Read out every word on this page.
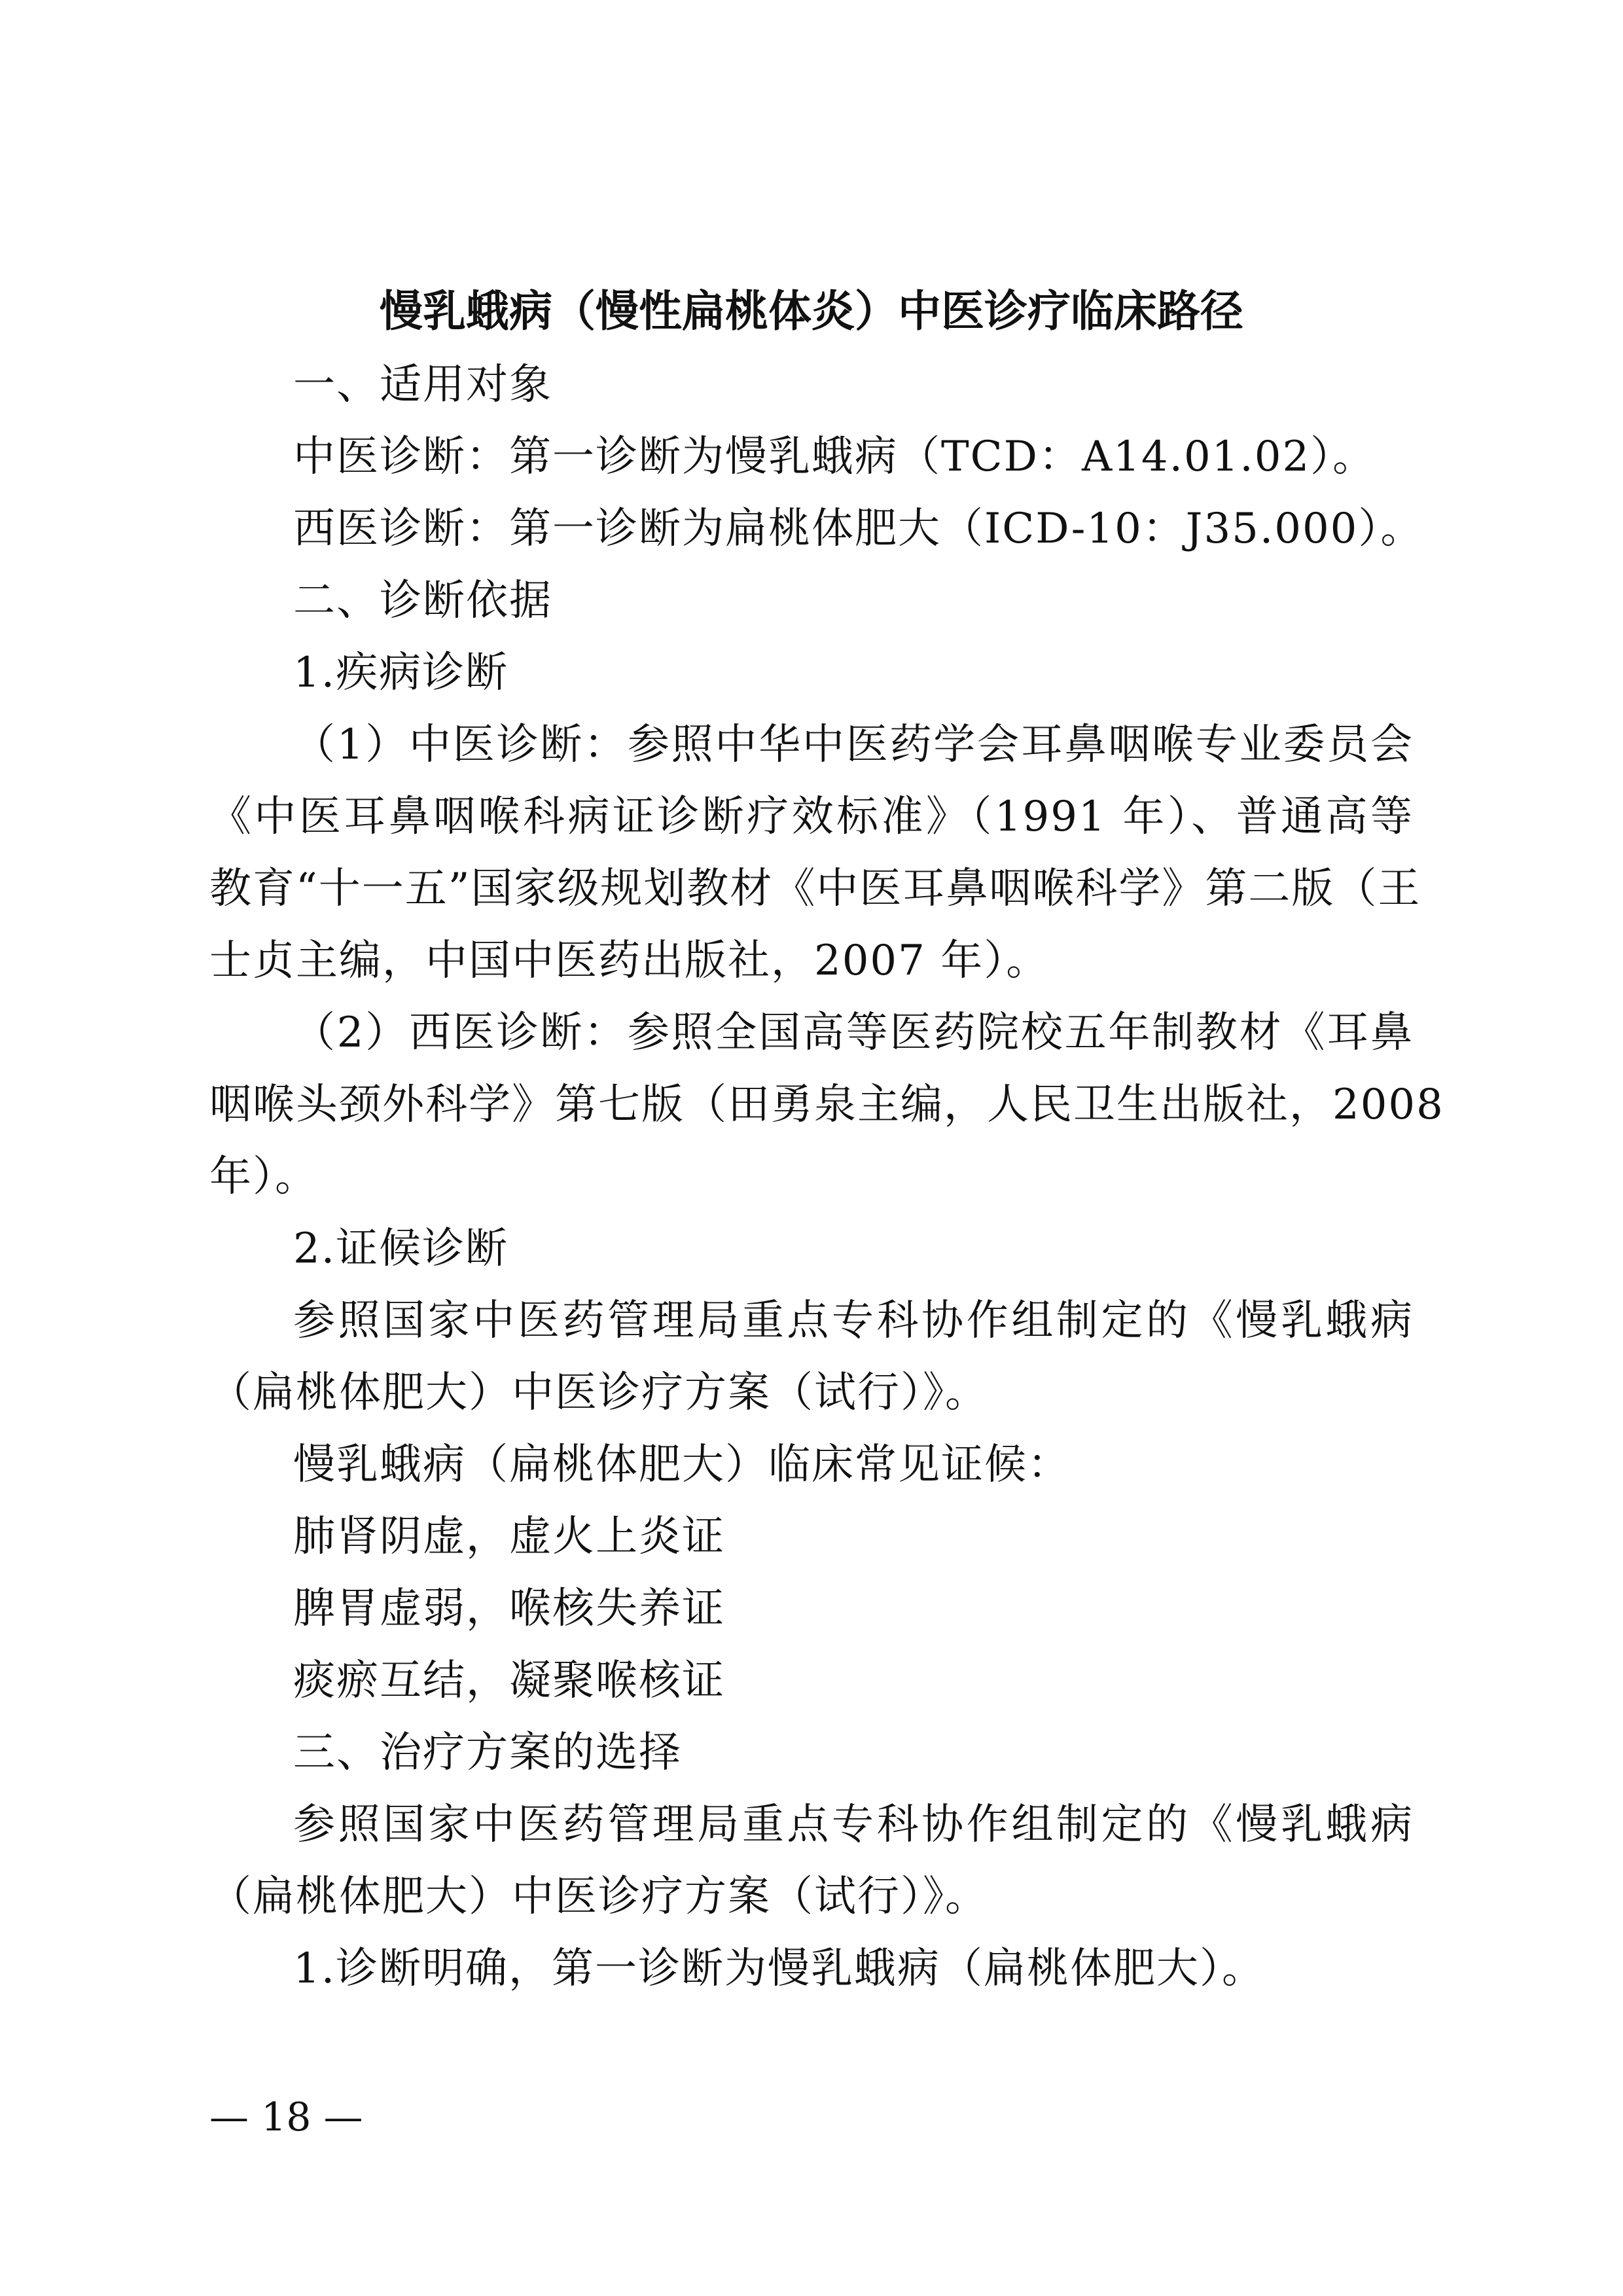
慢乳蛾病（慢性扁桃体炎）中医诊疗临床路径
一、适用对象
中医诊断：第一诊断为慢乳蛾病（TCD：A14.01.02）。
西医诊断：第一诊断为扁桃体肥大（ICD-10：J35.000）。
二、诊断依据
1.疾病诊断
（1）中医诊断：参照中华中医药学会耳鼻咽喉专业委员会
《中医耳鼻咽喉科病证诊断疗效标准》（1991 年）、普通高等
教育“十一五”国家级规划教材《中医耳鼻咽喉科学》第二版（王
士贞主编，中国中医药出版社，2007 年）。
（2）西医诊断：参照全国高等医药院校五年制教材《耳鼻
咽喉头颈外科学》第七版（田勇泉主编，人民卫生出版社，2008
年）。
2.证候诊断
参照国家中医药管理局重点专科协作组制定的《慢乳蛾病
（扁桃体肥大）中医诊疗方案（试行）》。
慢乳蛾病（扁桃体肥大）临床常见证候：
肺肾阴虚，虚火上炎证
脾胃虚弱，喉核失养证
痰瘀互结，凝聚喉核证
三、治疗方案的选择
参照国家中医药管理局重点专科协作组制定的《慢乳蛾病
（扁桃体肥大）中医诊疗方案（试行）》。
1.诊断明确，第一诊断为慢乳蛾病（扁桃体肥大）。
— 18 —
